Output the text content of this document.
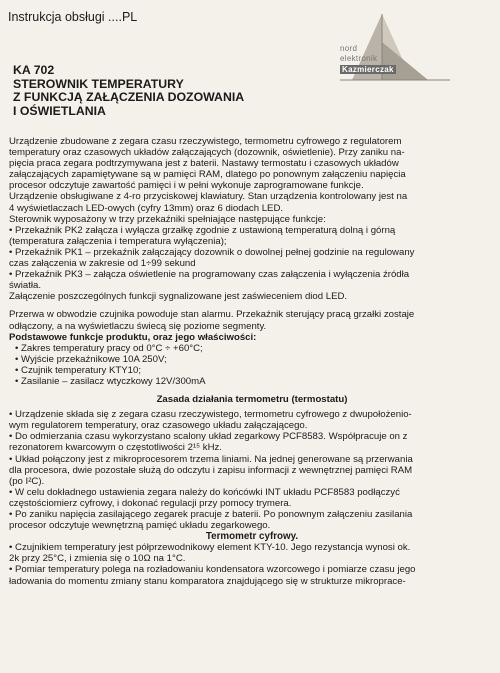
Instrukcja obsługi ....PL
nord
elektronik
Kazmierczak
KA 702
STEROWNIK TEMPERATURY
Z FUNKCJĄ ZAŁĄCZENIA DOZOWANIA
I OŚWIETLANIA

Urządzenie zbudowane z zegara czasu rzeczywistego, termometru cyfrowego z regulatorem

temperatury oraz czasowych układów załączających (dozownik, oświetlenie). Przy zaniku na-

pięcia praca zegara podtrzymywana jest z baterii. Nastawy termostatu i czasowych układów

załączających zapamiętywane są w pamięci RAM, dlatego po ponownym załączeniu napięcia

procesor odczytuje zawartość pamięci i w pełni wykonuje zaprogramowane funkcje.

Urządzenie obsługiwane z 4-ro przyciskowej klawiatury. Stan urządzenia kontrolowany jest na

4 wyświetlaczach LED-owych (cyfry 13mm) oraz 6 diodach LED.

Sterownik wyposażony w trzy przekaźniki spełniające następujące funkcje:

• Przekaźnik PK2 załącza i wyłącza grzałkę zgodnie z ustawioną temperaturą dolną i górną

(temperatura załączenia i temperatura wyłączenia);

• Przekaźnik PK1 – przekaźnik załączający dozownik o dowolnej pełnej godzinie na regulowany

czas załączenia w zakresie od 1÷99 sekund

• Przekaźnik PK3 – załącza oświetlenie na programowany czas załączenia i wyłączenia źródła

światła.

Załączenie poszczególnych funkcji sygnalizowane jest zaświeceniem diod LED.

Przerwa w obwodzie czujnika powoduje stan alarmu. Przekaźnik sterujący pracą grzałki zostaje

odłączony, a na wyświetlaczu świecą się poziome segmenty.

Podstawowe funkcje produktu, oraz jego właściwości:

• Zakres temperatury pracy od 0°C ÷ +60°C;

• Wyjście przekaźnikowe 10A 250V;

• Czujnik temperatury KTY10;

• Zasilanie – zasilacz wtyczkowy 12V/300mA

Zasada działania termometru (termostatu)

• Urządzenie składa się z zegara czasu rzeczywistego, termometru cyfrowego z dwupołożenio-

wym regulatorem temperatury, oraz czasowego układu załączającego.

• Do odmierzania czasu wykorzystano scalony układ zegarkowy PCF8583. Współpracuje on z

rezonatorem kwarcowym o częstotliwości 2¹⁵ kHz.

• Układ połączony jest z mikroprocesorem trzema liniami. Na jednej generowane są przerwania

dla procesora, dwie pozostałe służą do odczytu i zapisu informacji z wewnętrznej pamięci RAM

(po I²C).

• W celu dokładnego ustawienia zegara należy do końcówki INT układu PCF8583 podłączyć

częstościomierz cyfrowy, i dokonać regulacji przy pomocy trymera.

• Po zaniku napięcia zasilającego zegarek pracuje z baterii. Po ponownym załączeniu zasilania

procesor odczytuje wewnętrzną pamięć układu zegarkowego.

Termometr cyfrowy.

• Czujnikiem temperatury jest półprzewodnikowy element KTY-10. Jego rezystancja wynosi ok.

2k przy 25°C, i zmienia się o 10Ω na 1°C.

• Pomiar temperatury polega na rozładowaniu kondensatora wzorcowego i pomiarze czasu jego

ładowania do momentu zmiany stanu komparatora znajdującego się w strukturze mikroprace-
